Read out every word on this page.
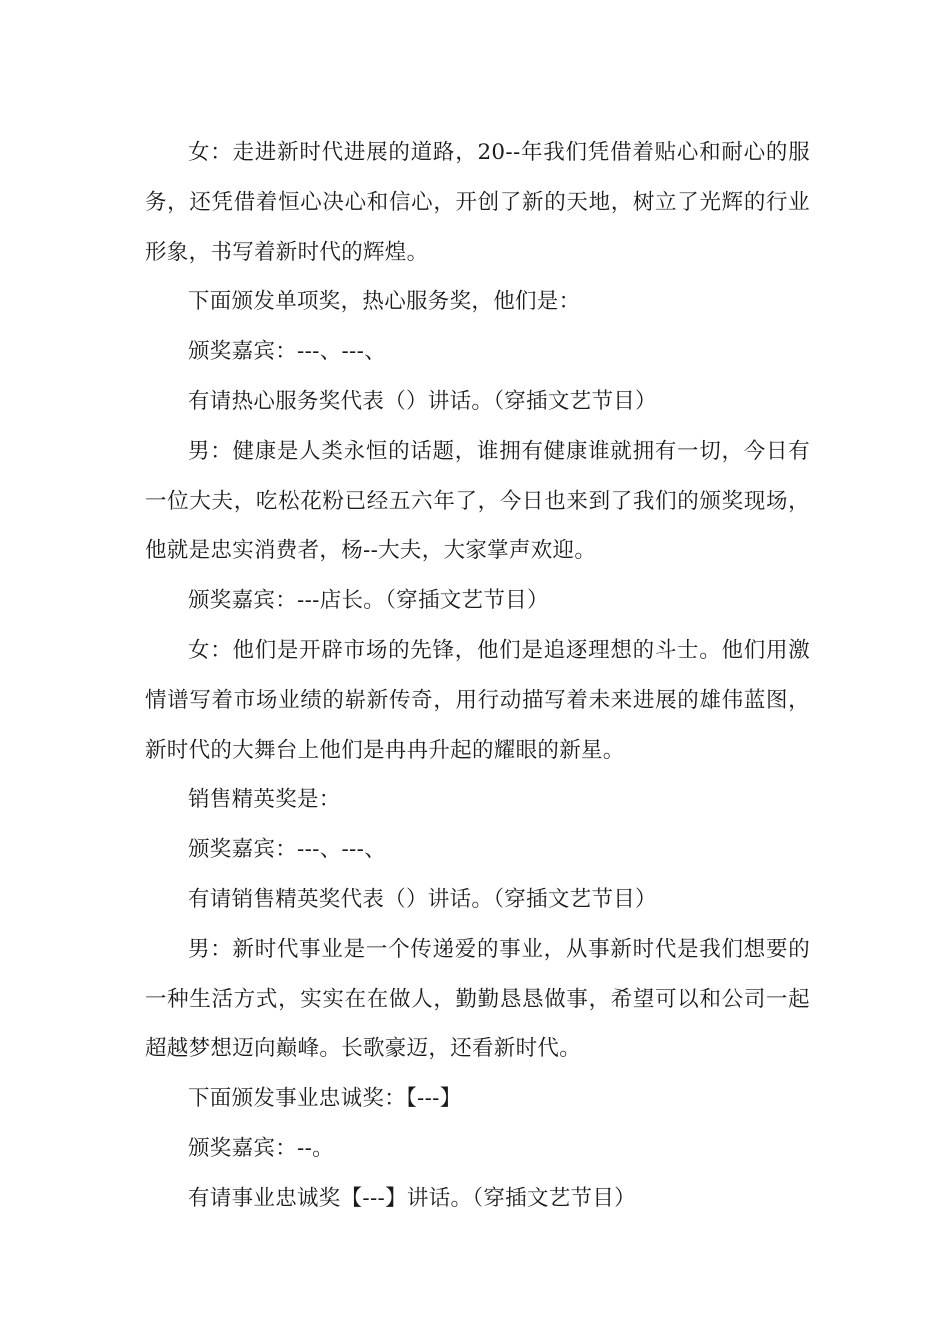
女：走进新时代进展的道路，20--年我们凭借着贴心和耐心的服务，还凭借着恒心决心和信心，开创了新的天地，树立了光辉的行业形象，书写着新时代的辉煌。

下面颁发单项奖，热心服务奖，他们是：

颁奖嘉宾：---、---、

有请热心服务奖代表（）讲话。（穿插文艺节目）

男：健康是人类永恒的话题，谁拥有健康谁就拥有一切，今日有一位大夫，吃松花粉已经五六年了，今日也来到了我们的颁奖现场，他就是忠实消费者，杨--大夫，大家掌声欢迎。

颁奖嘉宾：---店长。（穿插文艺节目）

女：他们是开辟市场的先锋，他们是追逐理想的斗士。他们用激情谱写着市场业绩的崭新传奇，用行动描写着未来进展的雄伟蓝图，新时代的大舞台上他们是冉冉升起的耀眼的新星。

销售精英奖是：

颁奖嘉宾：---、---、

有请销售精英奖代表（）讲话。（穿插文艺节目）

男：新时代事业是一个传递爱的事业，从事新时代是我们想要的一种生活方式，实实在在做人，勤勤恳恳做事，希望可以和公司一起超越梦想迈向巅峰。长歌豪迈，还看新时代。

下面颁发事业忠诚奖：【---】

颁奖嘉宾：--。

有请事业忠诚奖【---】讲话。（穿插文艺节目）
